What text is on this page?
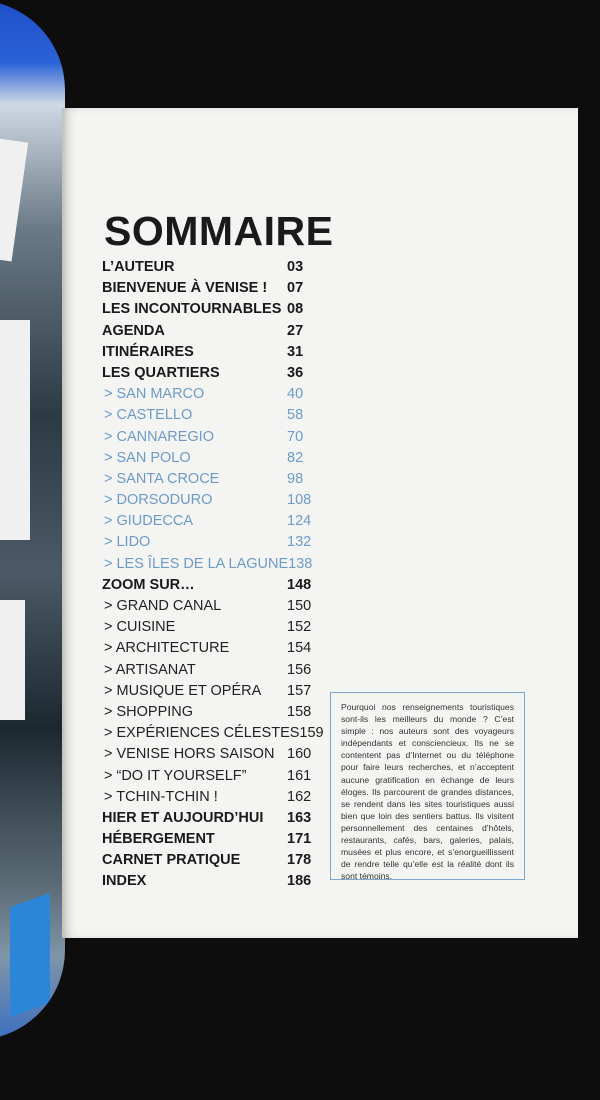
SOMMAIRE
L’AUTEUR	03
BIENVENUE À VENISE ! 07
LES INCONTOURNABLES 08
AGENDA	27
ITINÉRAIRES	31
LES QUARTIERS	36
> SAN MARCO	40
> CASTELLO	58
> CANNAREGIO	70
> SAN POLO	82
> SANTA CROCE	98
> DORSODURO	108
> GIUDECCA	124
> LIDO	132
> LES ÎLES DE LA LAGUNE 138
ZOOM SUR…	148
> GRAND CANAL	150
> CUISINE	152
> ARCHITECTURE	154
> ARTISANAT	156
> MUSIQUE ET OPÉRA 157
> SHOPPING	158
> EXPÉRIENCES CÉLESTES 159
> VENISE HORS SAISON 160
> “DO IT YOURSELF”	161
> TCHIN-TCHIN !	162
HIER ET AUJOURD’HUI 163
HÉBERGEMENT	171
CARNET PRATIQUE	178
INDEX	186
Pourquoi nos renseignements touristiques sont-ils les meilleurs du monde ? C’est simple : nos auteurs sont des voyageurs indépendants et consciencieux. Ils ne se contentent pas d’Internet ou du téléphone pour faire leurs recherches, et n’acceptent aucune gratification en échange de leurs éloges. Ils parcourent de grandes distances, se rendent dans les sites touristiques aussi bien que loin des sentiers battus. Ils visitent personnellement des centaines d’hôtels, restaurants, cafés, bars, galeries, palais, musées et plus encore, et s’enorgueillissent de rendre telle qu’elle est la réalité dont ils sont témoins.
